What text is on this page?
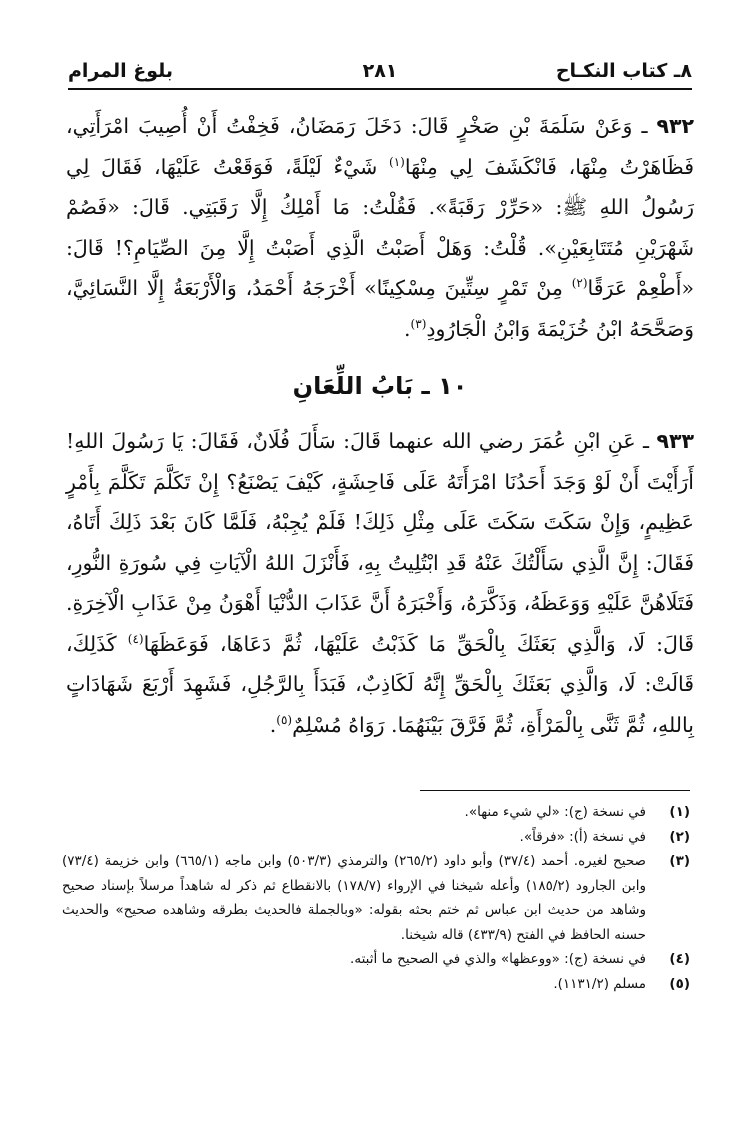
٨ـ كتاب النكـاح
٢٨١
بلوغ المرام

٩٣٢ ـ وَعَنْ سَلَمَةَ بْنِ صَخْرٍ قَالَ: دَخَلَ رَمَضَانُ، فَخِفْتُ أَنْ أُصِيبَ امْرَأَتِي، فَظَاهَرْتُ مِنْهَا، فَانْكَشَفَ لِي مِنْهَا$^{(١)}$ شَيْءٌ لَيْلَةً، فَوَقَعْتُ عَلَيْهَا، فَقَالَ لِي رَسُولُ اللهِ ﷺ: «حَرِّرْ رَقَبَةً». فَقُلْتُ: مَا أَمْلِكُ إِلَّا رَقَبَتِي. قَالَ: «فَصُمْ شَهْرَيْنِ مُتَتَابِعَيْنِ». قُلْتُ: وَهَلْ أَصَبْتُ الَّذِي أَصَبْتُ إِلَّا مِنَ الصِّيَامِ؟! قَالَ: «أَطْعِمْ عَرَقًا$^{(٢)}$ مِنْ تَمْرٍ سِتِّينَ مِسْكِينًا» أَخْرَجَهُ أَحْمَدُ، وَالْأَرْبَعَةُ إِلَّا النَّسَائِيَّ، وَصَحَّحَهُ ابْنُ خُزَيْمَةَ وَابْنُ الْجَارُودِ$^{(٣)}$.

١٠ ـ بَابُ اللِّعَانِ

٩٣٣ ـ عَنِ ابْنِ عُمَرَ رضي الله عنهما قَالَ: سَأَلَ فُلَانٌ، فَقَالَ: يَا رَسُولَ اللهِ! أَرَأَيْتَ أَنْ لَوْ وَجَدَ أَحَدُنَا امْرَأَتَهُ عَلَى فَاحِشَةٍ، كَيْفَ يَصْنَعُ؟ إِنْ تَكَلَّمَ تَكَلَّمَ بِأَمْرٍ عَظِيمٍ، وَإِنْ سَكَتَ سَكَتَ عَلَى مِثْلِ ذَلِكَ! فَلَمْ يُجِبْهُ، فَلَمَّا كَانَ بَعْدَ ذَلِكَ أَتَاهُ، فَقَالَ: إِنَّ الَّذِي سَأَلْتُكَ عَنْهُ قَدِ ابْتُلِيتُ بِهِ، فَأَنْزَلَ اللهُ الْآيَاتِ فِي سُورَةِ النُّورِ، فَتَلَاهُنَّ عَلَيْهِ وَوَعَظَهُ، وَذَكَّرَهُ، وَأَخْبَرَهُ أَنَّ عَذَابَ الدُّنْيَا أَهْوَنُ مِنْ عَذَابِ الْآخِرَةِ. قَالَ: لَا، وَالَّذِي بَعَثَكَ بِالْحَقِّ مَا كَذَبْتُ عَلَيْهَا، ثُمَّ دَعَاهَا، فَوَعَظَهَا$^{(٤)}$ كَذَلِكَ، قَالَتْ: لَا، وَالَّذِي بَعَثَكَ بِالْحَقِّ إِنَّهُ لَكَاذِبٌ، فَبَدَأَ بِالرَّجُلِ، فَشَهِدَ أَرْبَعَ شَهَادَاتٍ بِاللهِ، ثُمَّ ثَنَّى بِالْمَرْأَةِ، ثُمَّ فَرَّقَ بَيْنَهُمَا. رَوَاهُ مُسْلِمٌ$^{(٥)}$.

(١)
في نسخة (ج): «لي شيء منها».
(٢)
في نسخة (أ): «فرقاً».
(٣)
صحيح لغيره. أحمد (٣٧/٤) وأبو داود (٢٦٥/٢) والترمذي (٥٠٣/٣) وابن ماجه (٦٦٥/١) وابن خزيمة (٧٣/٤) وابن الجارود (١٨٥/٢) وأعله شيخنا في الإرواء (١٧٨/٧) بالانقطاع ثم ذكر له شاهداً مرسلاً بإسناد صحيح وشاهد من حديث ابن عباس ثم ختم بحثه بقوله: «وبالجملة فالحديث بطرقه وشاهده صحيح» والحديث حسنه الحافظ في الفتح (٤٣٣/٩) قاله شيخنا.
(٤)
في نسخة (ج): «ووعظها» والذي في الصحيح ما أثبته.
(٥)
مسلم (١١٣١/٢).
